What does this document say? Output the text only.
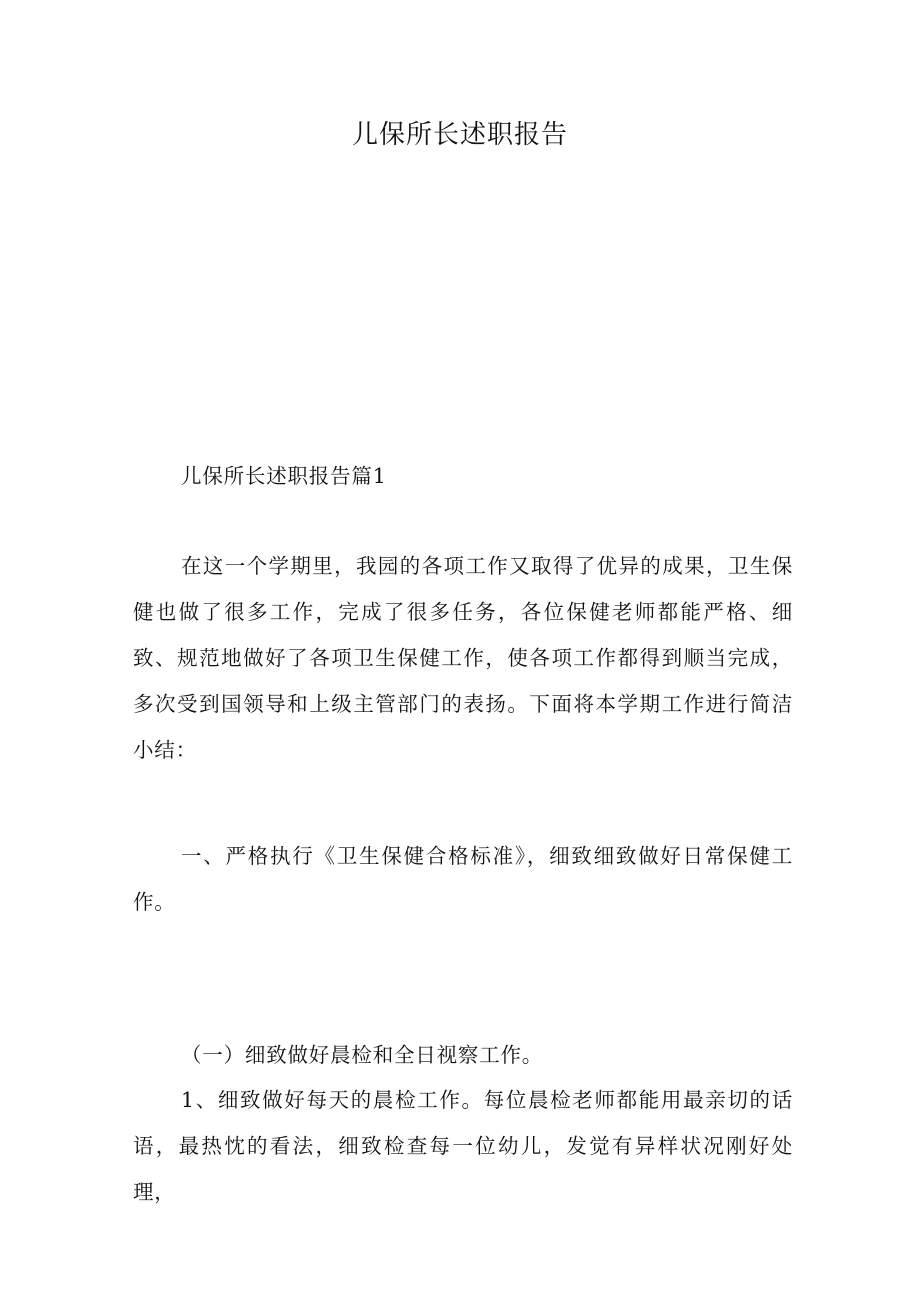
儿保所长述职报告
儿保所长述职报告篇1
在这一个学期里，我园的各项工作又取得了优异的成果，卫生保健也做了很多工作，完成了很多任务，各位保健老师都能严格、细致、规范地做好了各项卫生保健工作，使各项工作都得到顺当完成，多次受到国领导和上级主管部门的表扬。下面将本学期工作进行简洁小结：
一、严格执行《卫生保健合格标准》，细致细致做好日常保健工作。
（一）细致做好晨检和全日视察工作。
1、细致做好每天的晨检工作。每位晨检老师都能用最亲切的话语，最热忱的看法，细致检查每一位幼儿，发觉有异样状况刚好处理，
